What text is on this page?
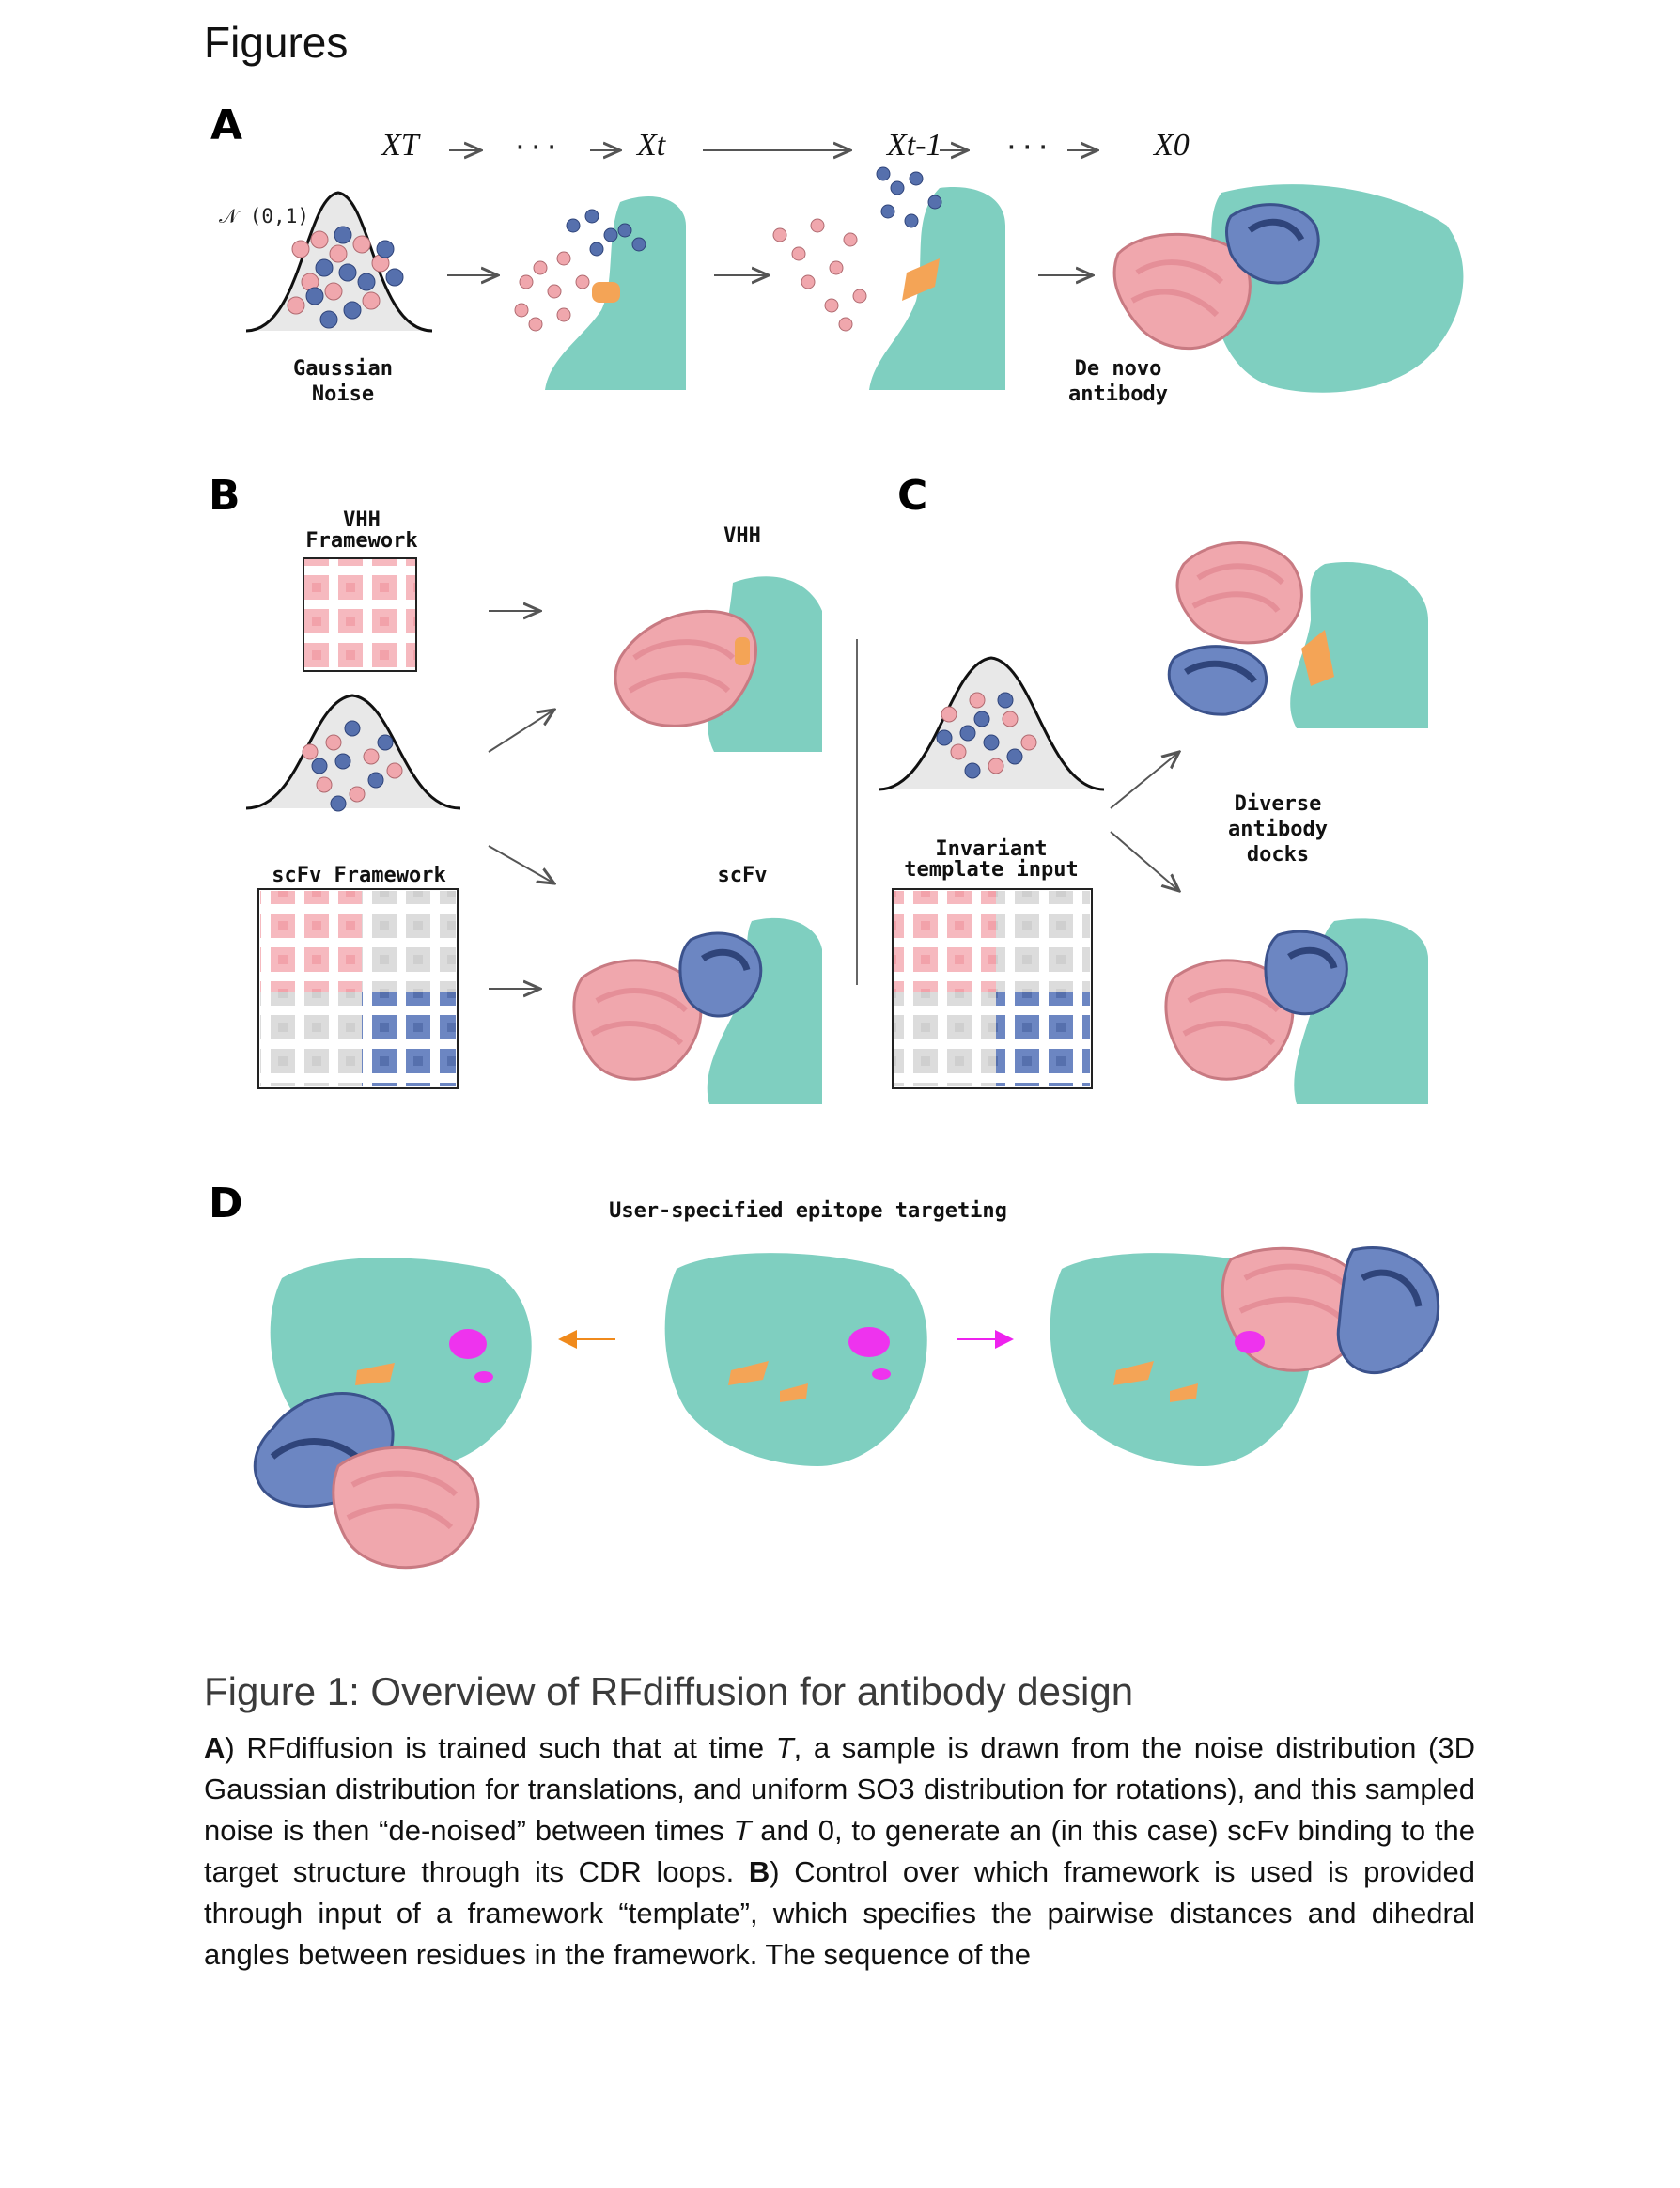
Figures
A	XT	··· Xt	Xt-1 ···	X0
𝒩 (0,1)
Gaussian
Noise
De novo
antibody
B
VHH
Framework	VHH
scFv Framework	scFv
C
Invariant
template input
Diverse
antibody
docks
D	User-specified epitope targeting
Figure 1: Overview of RFdiffusion for antibody design
A) RFdiffusion is trained such that at time T, a sample is drawn from the noise distribution (3D Gaussian distribution for translations, and uniform SO3 distribution for rotations), and this sampled noise is then “de-noised” between times T and 0, to generate an (in this case) scFv binding to the target structure through its CDR loops. B) Control over which framework is used is provided through input of a framework “template”, which specifies the pairwise distances and dihedral angles between residues in the framework. The sequence of the
